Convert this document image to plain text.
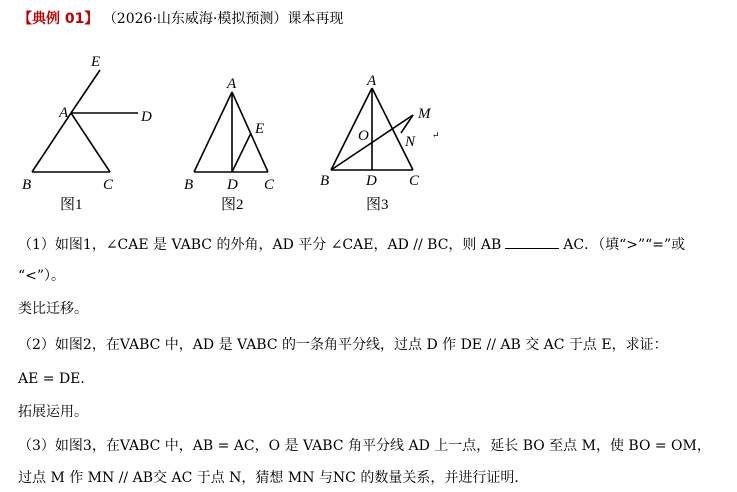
【典例 01】 （2026·山东威海·模拟预测）课本再现
E
A	D
B	C
A
E
B D C
A
M
O N
B D C
↵
图1	图2	图3
（1）如图1，∠CAE 是 VABC 的外角，AD 平分 ∠CAE，AD // BC，则 AB	AC．（填“>”“=”或
“<”）。
类比迁移。
（2）如图2，在VABC 中，AD 是 VABC 的一条角平分线，过点 D 作 DE // AB 交 AC 于点 E，求证：
AE = DE．
拓展运用。
（3）如图3，在VABC 中，AB = AC，O 是 VABC 角平分线 AD 上一点，延长 BO 至点 M，使 BO = OM，
过点 M 作 MN // AB交 AC 于点 N，猜想 MN 与NC 的数量关系，并进行证明．
